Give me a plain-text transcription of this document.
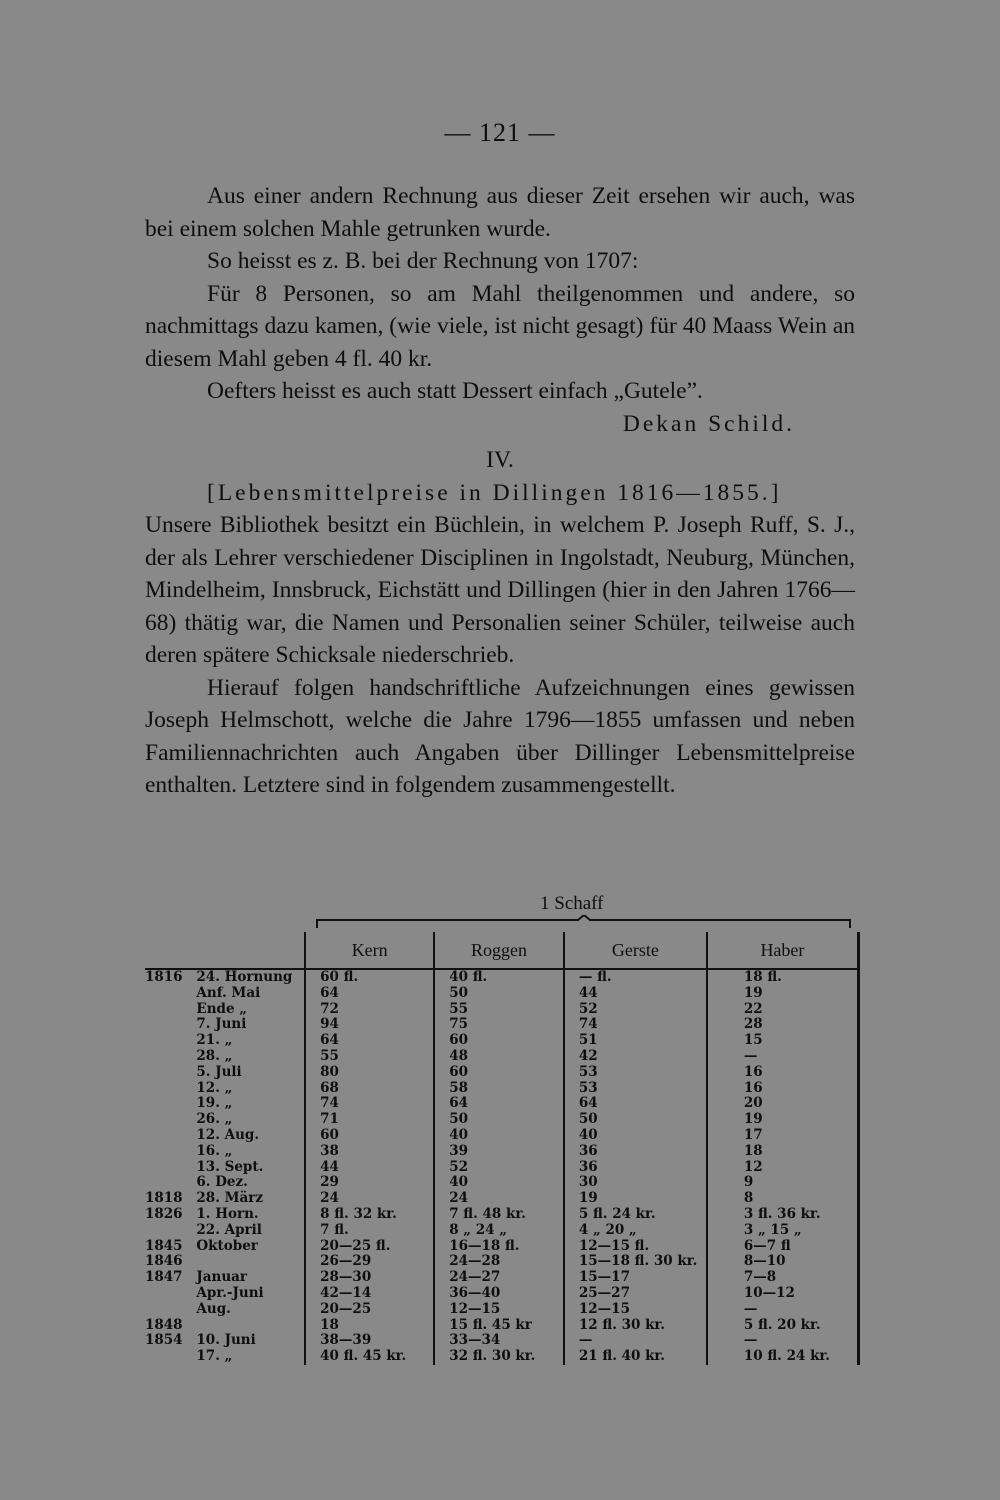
— 121 —

Aus einer andern Rechnung aus dieser Zeit ersehen wir auch, was bei einem solchen Mahle getrunken wurde.

So heisst es z. B. bei der Rechnung von 1707:

Für 8 Personen, so am Mahl theilgenommen und andere, so nachmittags dazu kamen, (wie viele, ist nicht gesagt) für 40 Maass Wein an diesem Mahl geben 4 fl. 40 kr.

Oefters heisst es auch statt Dessert einfach „Gutele”.

Dekan Schild.

IV.

[Lebensmittelpreise in Dillingen 1816—1855.]

Unsere Bibliothek besitzt ein Büchlein, in welchem P. Joseph Ruff, S. J., der als Lehrer verschiedener Disciplinen in Ingolstadt, Neuburg, München, Mindelheim, Innsbruck, Eichstätt und Dillingen (hier in den Jahren 1766—68) thätig war, die Namen und Personalien seiner Schüler, teilweise auch deren spätere Schicksale niederschrieb.

Hierauf folgen handschriftliche Aufzeichnungen eines gewissen Joseph Helmschott, welche die Jahre 1796—1855 umfassen und neben Familiennachrichten auch Angaben über Dillinger Lebensmittelpreise enthalten. Letztere sind in folgendem zusammengestellt.

1 Schaff
		Kern	Roggen	Gerste	Haber
1816	24. Hornung	60 fl.	40 fl.	— fl.	18 fl.
	Anf. Mai	64	50	44	19
	Ende „	72	55	52	22
	7. Juni	94	75	74	28
	21. „	64	60	51	15
	28. „	55	48	42	—
	5. Juli	80	60	53	16
	12. „	68	58	53	16
	19. „	74	64	64	20
	26. „	71	50	50	19
	12. Aug.	60	40	40	17
	16. „	38	39	36	18
	13. Sept.	44	52	36	12
	6. Dez.	29	40	30	9
1818	28. März	24	24	19	8
1826	1. Horn.	8 fl. 32 kr.	7 fl. 48 kr.	5 fl. 24 kr.	3 fl. 36 kr.
	22. April	7 fl.	8 „ 24 „	4 „ 20 „	3 „ 15 „
1845	Oktober	20—25 fl.	16—18 fl.	12—15 fl.	6—7 fl
1846		26—29	24—28	15—18 fl. 30 kr.	8—10
1847	Januar	28—30	24—27	15—17	7—8
	Apr.-Juni	42—14	36—40	25—27	10—12
	Aug.	20—25	12—15	12—15	—
1848		18	15 fl. 45 kr	12 fl. 30 kr.	5 fl. 20 kr.
1854	10. Juni	38—39	33—34	—	—
	17. „	40 fl. 45 kr.	32 fl. 30 kr.	21 fl. 40 kr.	10 fl. 24 kr.
